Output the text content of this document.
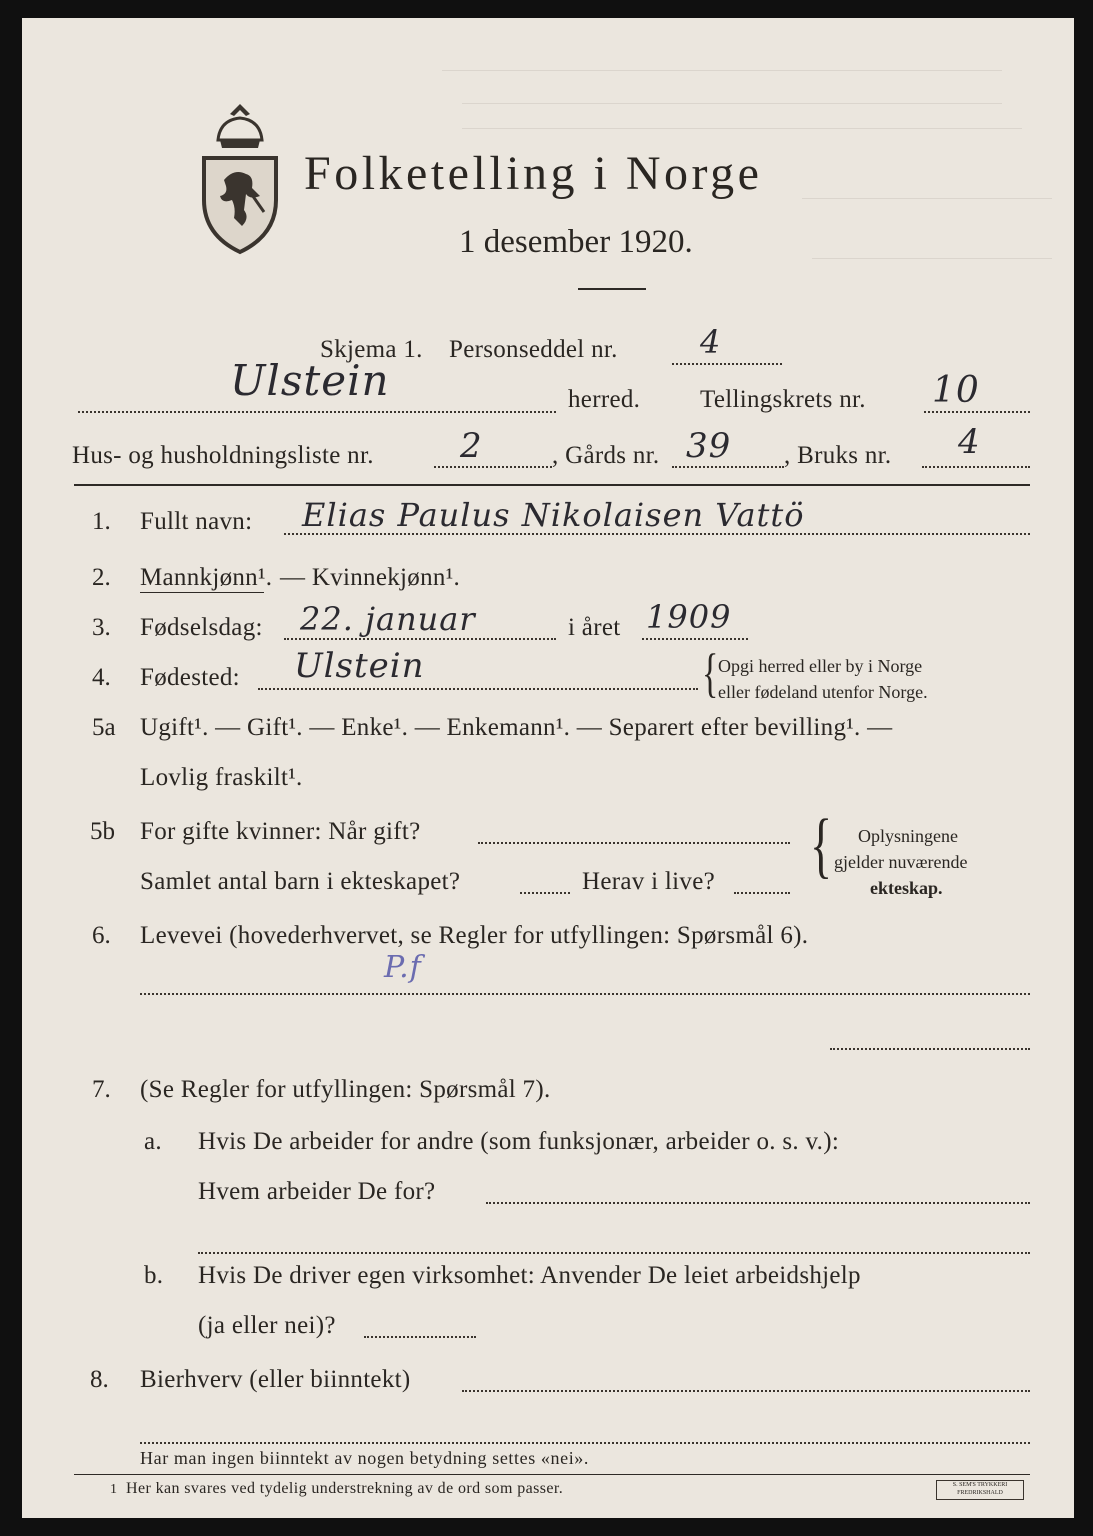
Folketelling i Norge
1 desember 1920.
Skjema 1. Personseddel nr.	4
Ulstein	herred. Tellingskrets nr. 10
Hus- og husholdningsliste nr.	2	, Gårds nr. 39 , Bruks nr. 4
1. Fullt navn: Elias Paulus Nikolaisen Vattö
2. Mannkjønn¹. — Kvinnekjønn¹.
3. Fødselsdag: 22. januar	i året 1909
4. Fødested: Ulstein	{ Opgi herred eller by i Norge
eller fødeland utenfor Norge.
5a Ugift¹. — Gift¹. — Enke¹. — Enkemann¹. — Separert efter bevilling¹. —
Lovlig fraskilt¹.
5b For gifte kvinner: Når gift?
Samlet antal barn i ekteskapet?	Herav i live? { Oplysningene
gjelder nuværende
ekteskap.
6. Levevei (hovederhvervet, se Regler for utfyllingen: Spørsmål 6).
P.f
7. (Se Regler for utfyllingen: Spørsmål 7).
a. Hvis De arbeider for andre (som funksjonær, arbeider o. s. v.):
Hvem arbeider De for?
b. Hvis De driver egen virksomhet: Anvender De leiet arbeidshjelp
(ja eller nei)?
8. Bierhverv (eller biinntekt)
Har man ingen biinntekt av nogen betydning settes «nei».
1 Her kan svares ved tydelig understrekning av de ord som passer.	S. SEM'S TRYKKERI FREDRIKSHALD
